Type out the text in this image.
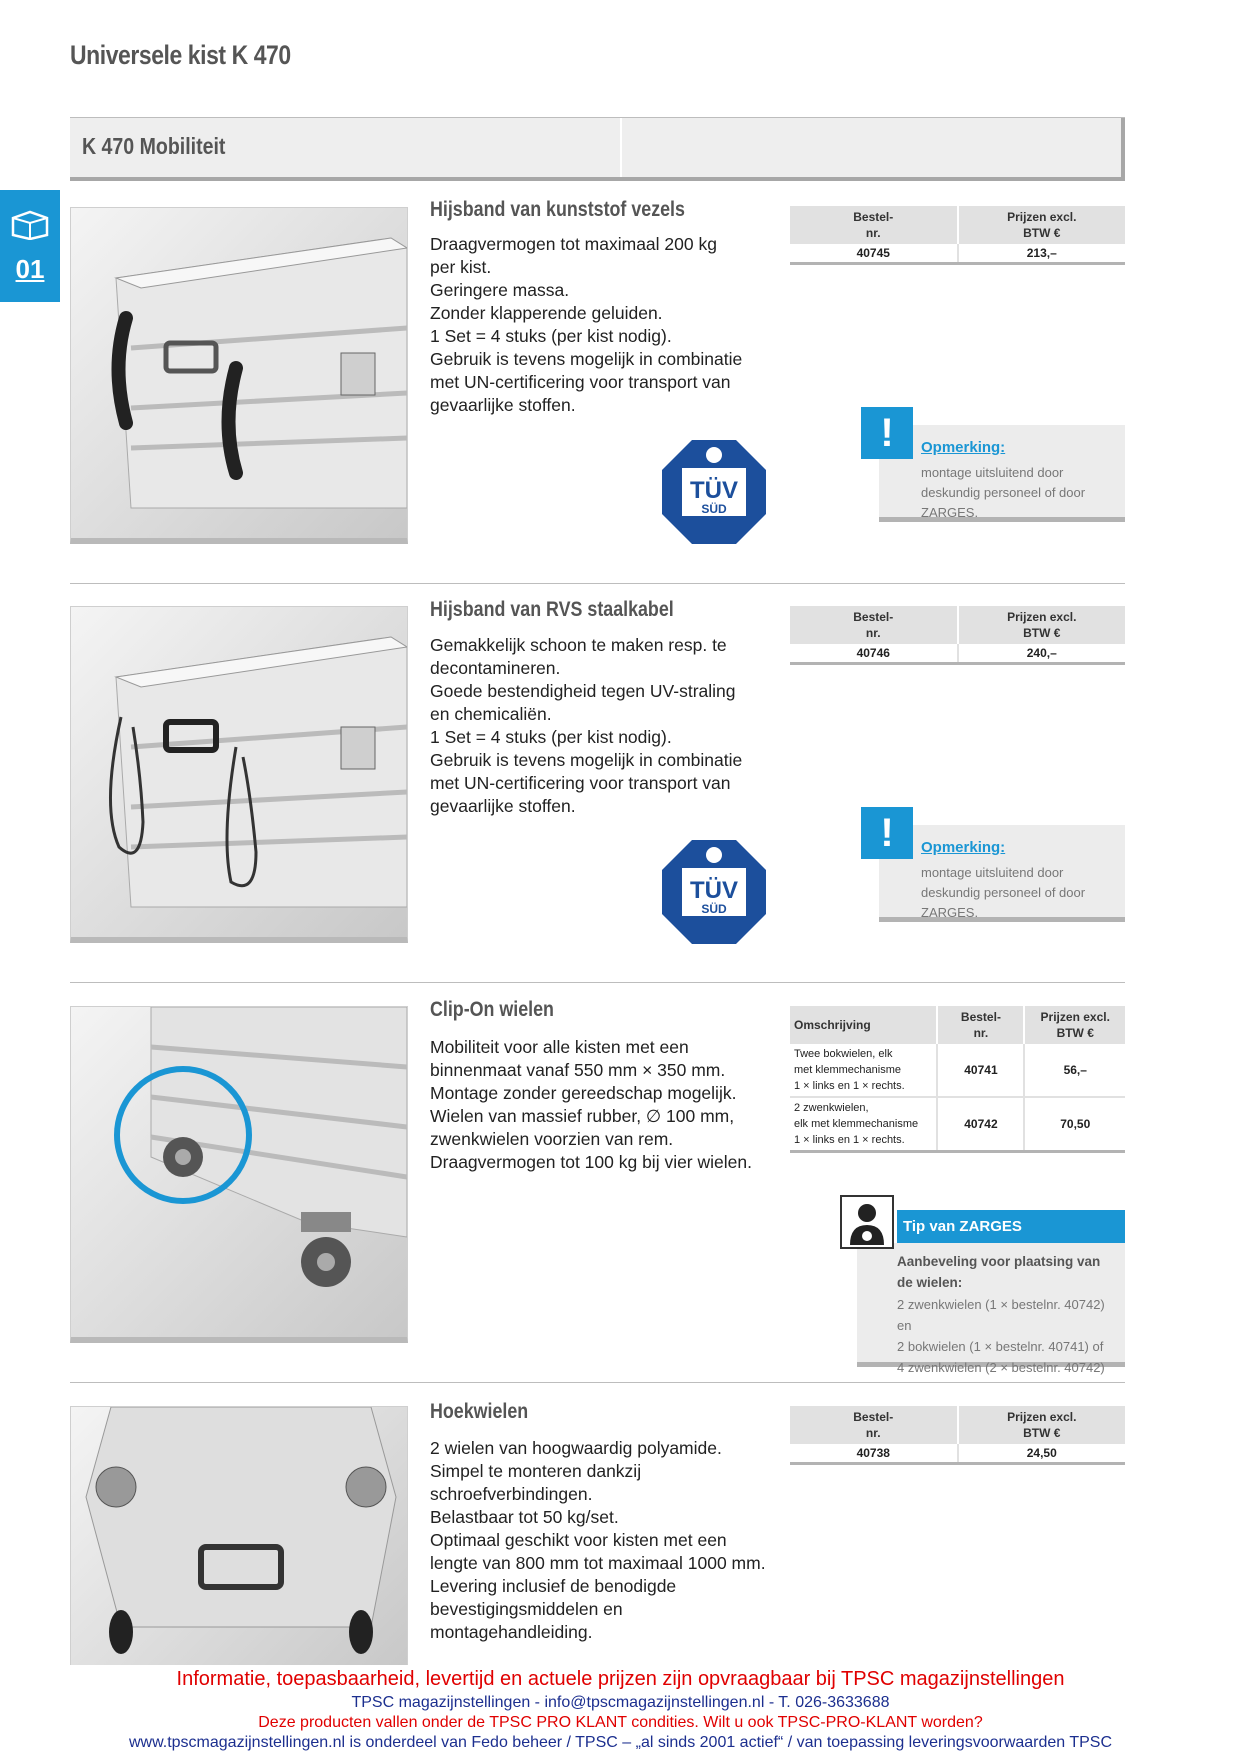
Universele kist K 470
K 470 Mobiliteit
01
Hijsband van kunststof vezels
Draagvermogen tot maximaal 200 kg
per kist.
Geringere massa.
Zonder klapperende geluiden.
1 Set = 4 stuks (per kist nodig).
Gebruik is tevens mogelijk in combinatie
met UN-certificering voor transport van
gevaarlijke stoffen.
Bestel-
nr.	Prijzen excl.
BTW €
40745	213,–
TÜV
SÜD
!	Opmerking:
montage uitsluitend door deskundig personeel of door ZARGES.
Hijsband van RVS staalkabel
Gemakkelijk schoon te maken resp. te
decontamineren.
Goede bestendigheid tegen UV-straling
en chemicaliën.
1 Set = 4 stuks (per kist nodig).
Gebruik is tevens mogelijk in combinatie
met UN-certificering voor transport van
gevaarlijke stoffen.
Bestel-
nr.	Prijzen excl.
BTW €
40746	240,–
TÜV
SÜD
!	Opmerking:
montage uitsluitend door deskundig personeel of door ZARGES.
Clip-On wielen
Mobiliteit voor alle kisten met een
binnenmaat vanaf 550 mm × 350 mm.
Montage zonder gereedschap mogelijk.
Wielen van massief rubber, ∅ 100 mm,
zwenkwielen voorzien van rem.
Draagvermogen tot 100 kg bij vier wielen.
Omschrijving	Bestel-
nr.	Prijzen excl.
BTW €
Twee bokwielen, elk
met klemmechanisme
1 × links en 1 × rechts.	40741	56,–
2 zwenkwielen,
elk met klemmechanisme
1 × links en 1 × rechts.	40742	70,50
Aanbeveling voor plaatsing van de wielen:
2 zwenkwielen (1 × bestelnr. 40742) en
2 bokwielen (1 × bestelnr. 40741) of
4 zwenkwielen (2 × bestelnr. 40742)
Tip van ZARGES
Hoekwielen
2 wielen van hoogwaardig polyamide.
Simpel te monteren dankzij
schroefverbindingen.
Belastbaar tot 50 kg/set.
Optimaal geschikt voor kisten met een
lengte van 800 mm tot maximaal 1000 mm.
Levering inclusief de benodigde
bevestigingsmiddelen en
montagehandleiding.
Bestel-
nr.	Prijzen excl.
BTW €
40738	24,50
Informatie, toepasbaarheid, levertijd en actuele prijzen zijn opvraagbaar bij TPSC magazijnstellingen
TPSC magazijnstellingen - info@tpscmagazijnstellingen.nl - T. 026-3633688
Deze producten vallen onder de TPSC PRO KLANT condities. Wilt u ook TPSC-PRO-KLANT worden?
www.tpscmagazijnstellingen.nl is onderdeel van Fedo beheer / TPSC – „al sinds 2001 actief“ / van toepassing leveringsvoorwaarden TPSC
